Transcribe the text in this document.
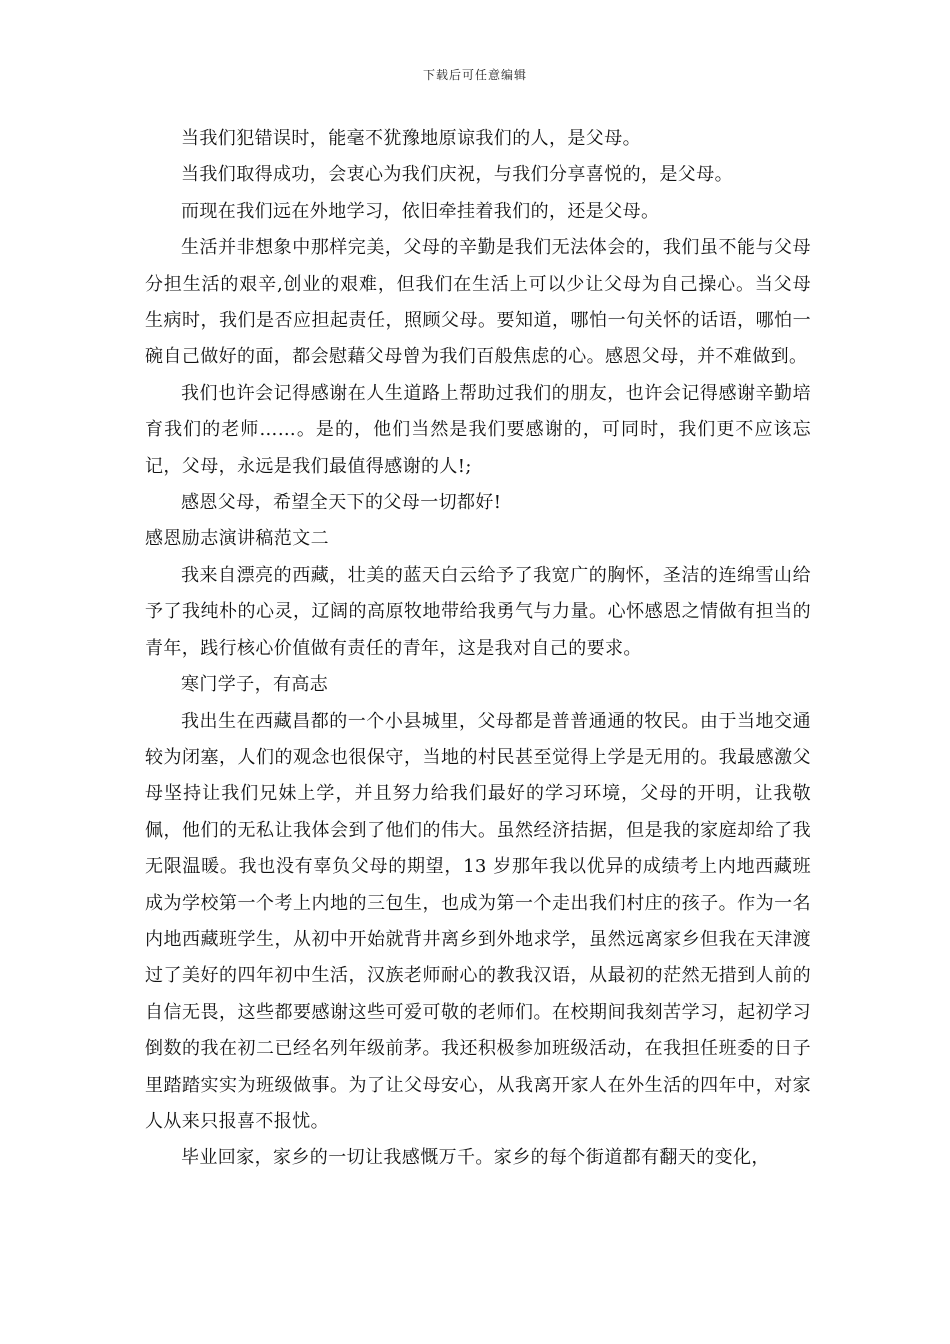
下载后可任意编辑

当我们犯错误时，能毫不犹豫地原谅我们的人，是父母。

当我们取得成功，会衷心为我们庆祝，与我们分享喜悦的，是父母。

而现在我们远在外地学习，依旧牵挂着我们的，还是父母。

生活并非想象中那样完美，父母的辛勤是我们无法体会的，我们虽不能与父母分担生活的艰辛,创业的艰难，但我们在生活上可以少让父母为自己操心。当父母生病时，我们是否应担起责任，照顾父母。要知道，哪怕一句关怀的话语，哪怕一碗自己做好的面，都会慰藉父母曾为我们百般焦虑的心。感恩父母，并不难做到。

我们也许会记得感谢在人生道路上帮助过我们的朋友，也许会记得感谢辛勤培育我们的老师……。是的，他们当然是我们要感谢的，可同时，我们更不应该忘记，父母，永远是我们最值得感谢的人!;

感恩父母，希望全天下的父母一切都好!

感恩励志演讲稿范文二

我来自漂亮的西藏，壮美的蓝天白云给予了我宽广的胸怀，圣洁的连绵雪山给予了我纯朴的心灵，辽阔的高原牧地带给我勇气与力量。心怀感恩之情做有担当的青年，践行核心价值做有责任的青年，这是我对自己的要求。

寒门学子，有高志

我出生在西藏昌都的一个小县城里，父母都是普普通通的牧民。由于当地交通较为闭塞，人们的观念也很保守，当地的村民甚至觉得上学是无用的。我最感激父母坚持让我们兄妹上学，并且努力给我们最好的学习环境，父母的开明，让我敬佩，他们的无私让我体会到了他们的伟大。虽然经济拮据，但是我的家庭却给了我无限温暖。我也没有辜负父母的期望，13 岁那年我以优异的成绩考上内地西藏班成为学校第一个考上内地的三包生，也成为第一个走出我们村庄的孩子。作为一名内地西藏班学生，从初中开始就背井离乡到外地求学，虽然远离家乡但我在天津渡过了美好的四年初中生活，汉族老师耐心的教我汉语，从最初的茫然无措到人前的自信无畏，这些都要感谢这些可爱可敬的老师们。在校期间我刻苦学习，起初学习倒数的我在初二已经名列年级前茅。我还积极参加班级活动，在我担任班委的日子里踏踏实实为班级做事。为了让父母安心，从我离开家人在外生活的四年中，对家人从来只报喜不报忧。

毕业回家，家乡的一切让我感慨万千。家乡的每个街道都有翻天的变化，
